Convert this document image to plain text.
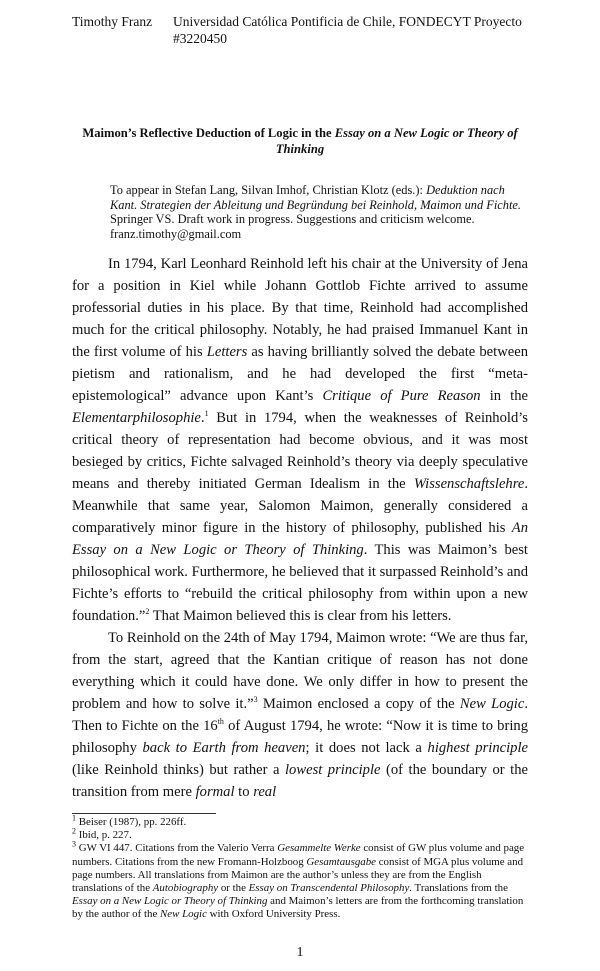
Timothy Franz	Universidad Católica Pontificia de Chile, FONDECYT Proyecto #3220450
Maimon’s Reflective Deduction of Logic in the Essay on a New Logic or Theory of Thinking
To appear in Stefan Lang, Silvan Imhof, Christian Klotz (eds.): Deduktion nach Kant. Strategien der Ableitung und Begründung bei Reinhold, Maimon und Fichte. Springer VS. Draft work in progress. Suggestions and criticism welcome. franz.timothy@gmail.com

In 1794, Karl Leonhard Reinhold left his chair at the University of Jena for a position in Kiel while Johann Gottlob Fichte arrived to assume professorial duties in his place. By that time, Reinhold had accomplished much for the critical philosophy. Notably, he had praised Immanuel Kant in the first volume of his Letters as having brilliantly solved the debate between pietism and rationalism, and he had developed the first “meta-epistemological” advance upon Kant’s Critique of Pure Reason in the Elementarphilosophie.$^1$ But in 1794, when the weaknesses of Reinhold’s critical theory of representation had become obvious, and it was most besieged by critics, Fichte salvaged Reinhold’s theory via deeply speculative means and thereby initiated German Idealism in the Wissenschaftslehre. Meanwhile that same year, Salomon Maimon, generally considered a comparatively minor figure in the history of philosophy, published his An Essay on a New Logic or Theory of Thinking. This was Maimon’s best philosophical work. Furthermore, he believed that it surpassed Reinhold’s and Fichte’s efforts to “rebuild the critical philosophy from within upon a new foundation.”$^2$ That Maimon believed this is clear from his letters.

To Reinhold on the 24th of May 1794, Maimon wrote: “We are thus far, from the start, agreed that the Kantian critique of reason has not done everything which it could have done. We only differ in how to present the problem and how to solve it.”$^3$ Maimon enclosed a copy of the New Logic. Then to Fichte on the 16th of August 1794, he wrote: “Now it is time to bring philosophy back to Earth from heaven; it does not lack a highest principle (like Reinhold thinks) but rather a lowest principle (of the boundary or the transition from mere formal to real

$^1$ Beiser (1987), pp. 226ff.
$^2$ Ibid, p. 227.
$^3$ GW VI 447. Citations from the Valerio Verra Gesammelte Werke consist of GW plus volume and page numbers. Citations from the new Fromann-Holzboog Gesamtausgabe consist of MGA plus volume and page numbers. All translations from Maimon are the author’s unless they are from the English translations of the Autobiography or the Essay on Transcendental Philosophy. Translations from the Essay on a New Logic or Theory of Thinking and Maimon’s letters are from the forthcoming translation by the author of the New Logic with Oxford University Press.
1
